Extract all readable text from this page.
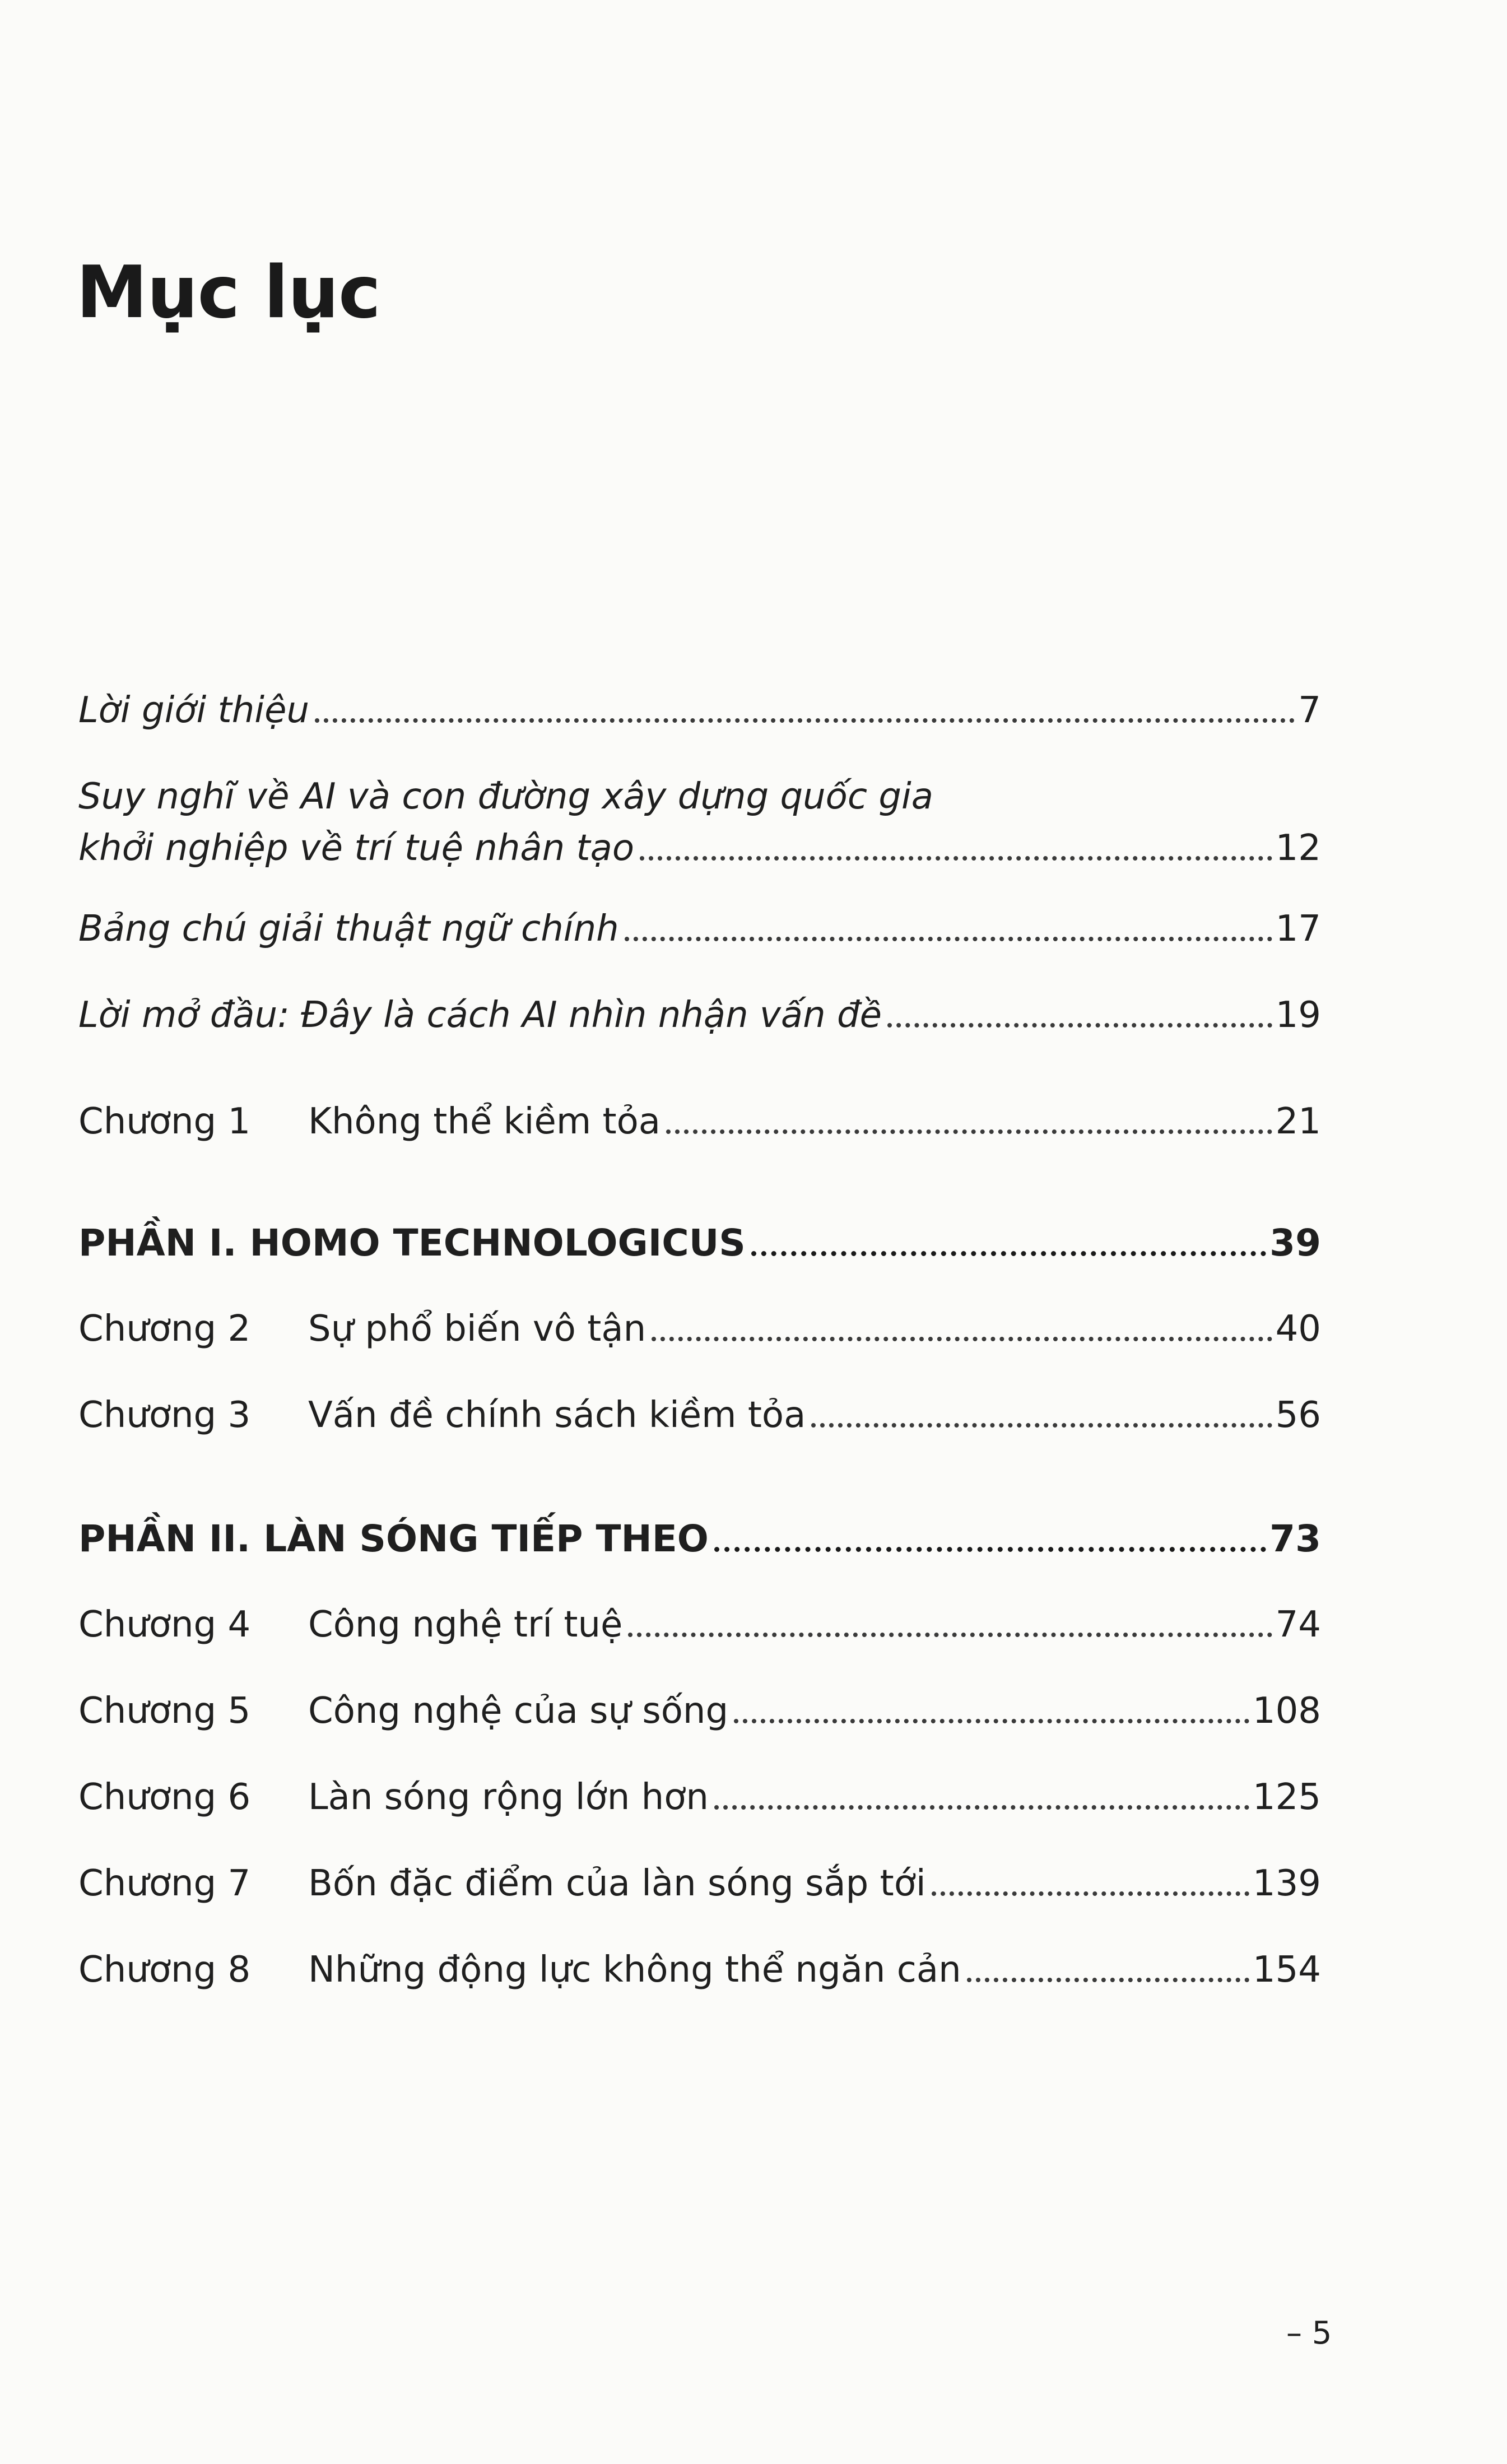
Mục lục
Lời giới thiệu	7
Suy nghĩ về AI và con đường xây dựng quốc gia
khởi nghiệp về trí tuệ nhân tạo	12
Bảng chú giải thuật ngữ chính	17
Lời mở đầu: Đây là cách AI nhìn nhận vấn đề	19
Chương 1	Không thể kiềm tỏa	21
PHẦN I. HOMO TECHNOLOGICUS	39
Chương 2	Sự phổ biến vô tận	40
Chương 3	Vấn đề chính sách kiềm tỏa	56
PHẦN II. LÀN SÓNG TIẾP THEO	73
Chương 4	Công nghệ trí tuệ	74
Chương 5	Công nghệ của sự sống	108
Chương 6	Làn sóng rộng lớn hơn	125
Chương 7	Bốn đặc điểm của làn sóng sắp tới	139
Chương 8	Những động lực không thể ngăn cản	154
– 5
